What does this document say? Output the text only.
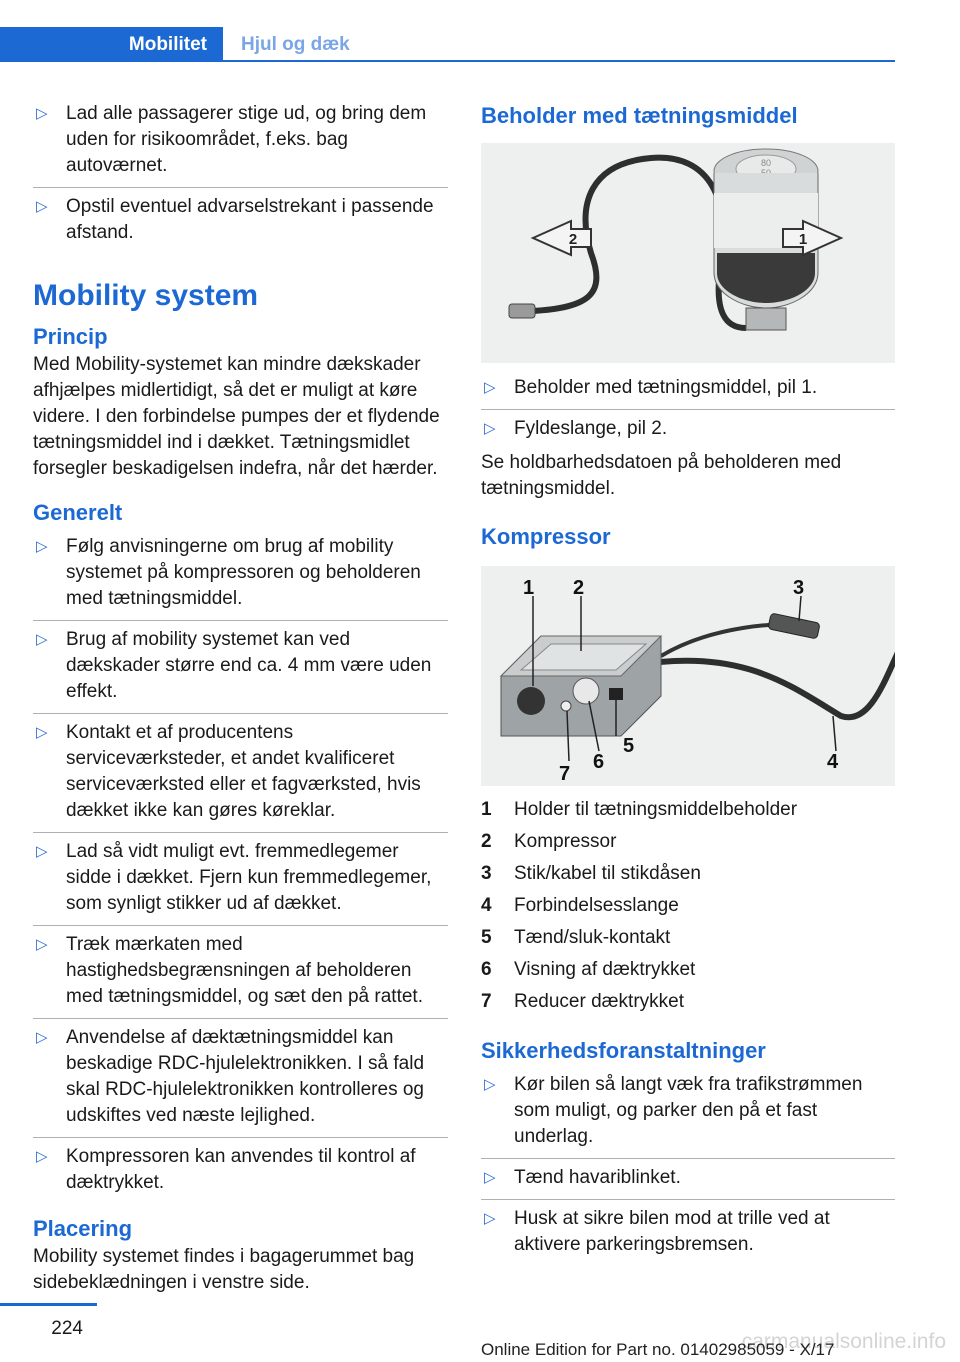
Mobilitet	Hjul og dæk
▷ Lad alle passagerer stige ud, og bring dem uden for risikoområdet, f.eks. bag autoværnet.
▷ Opstil eventuel advarselstrekant i passende afstand.
Mobility system
Princip

Med Mobility-systemet kan mindre dækskader afhjælpes midlertidigt, så det er muligt at køre videre. I den forbindelse pumpes der et flydende tætningsmiddel ind i dækket. Tætningsmidlet forsegler beskadigelsen indefra, når det hærder.

Generelt
▷ Følg anvisningerne om brug af mobility systemet på kompressoren og beholderen med tætningsmiddel.
▷ Brug af mobility systemet kan ved dækskader større end ca. 4 mm være uden effekt.
▷ Kontakt et af producentens serviceværksteder, et andet kvalificeret serviceværksted eller et fagværksted, hvis dækket ikke kan gøres køreklar.
▷ Lad så vidt muligt evt. fremmedlegemer sidde i dækket. Fjern kun fremmedlegemer, som synligt stikker ud af dækket.
▷ Træk mærkaten med hastighedsbegrænsningen af beholderen med tætningsmiddel, og sæt den på rattet.
▷ Anvendelse af dæktætningsmiddel kan beskadige RDC-hjulelektronikken. I så fald skal RDC-hjulelektronikken kontrolleres og udskiftes ved næste lejlighed.
▷ Kompressoren kan anvendes til kontrol af dæktrykket.
Placering

Mobility systemet findes i bagagerummet bag sidebeklædningen i venstre side.

Beholder med tætningsmiddel
80
2	1
▷ Beholder med tætningsmiddel, pil 1.
▷ Fyldeslange, pil 2.

Se holdbarhedsdatoen på beholderen med tætningsmiddel.

Kompressor
1 2	3
4
5
6
7
1	Holder til tætningsmiddelbeholder
2	Kompressor
3	Stik/kabel til stikdåsen
4	Forbindelsesslange
5	Tænd/sluk-kontakt
6	Visning af dæktrykket
7	Reducer dæktrykket
Sikkerhedsforanstaltninger
▷ Kør bilen så langt væk fra trafikstrømmen som muligt, og parker den på et fast underlag.
▷ Tænd havariblinket.
▷ Husk at sikre bilen mod at trille ved at aktivere parkeringsbremsen.
224
carmanualsonline.info
Online Edition for Part no. 01402985059 - X/17
